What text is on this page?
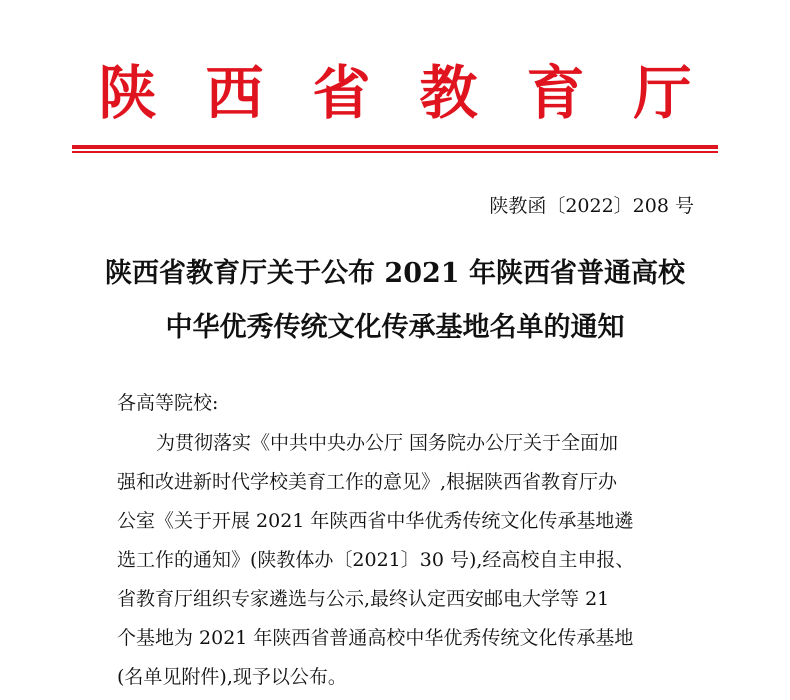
陕西省教育厅
陕教函〔2022〕208 号
陕西省教育厅关于公布 2021 年陕西省普通高校
中华优秀传统文化传承基地名单的通知
各高等院校:
为贯彻落实《中共中央办公厅 国务院办公厅关于全面加
强和改进新时代学校美育工作的意见》,根据陕西省教育厅办
公室《关于开展 2021 年陕西省中华优秀传统文化传承基地遴
选工作的通知》(陕教体办〔2021〕30 号),经高校自主申报、
省教育厅组织专家遴选与公示,最终认定西安邮电大学等 21
个基地为 2021 年陕西省普通高校中华优秀传统文化传承基地
(名单见附件),现予以公布。
